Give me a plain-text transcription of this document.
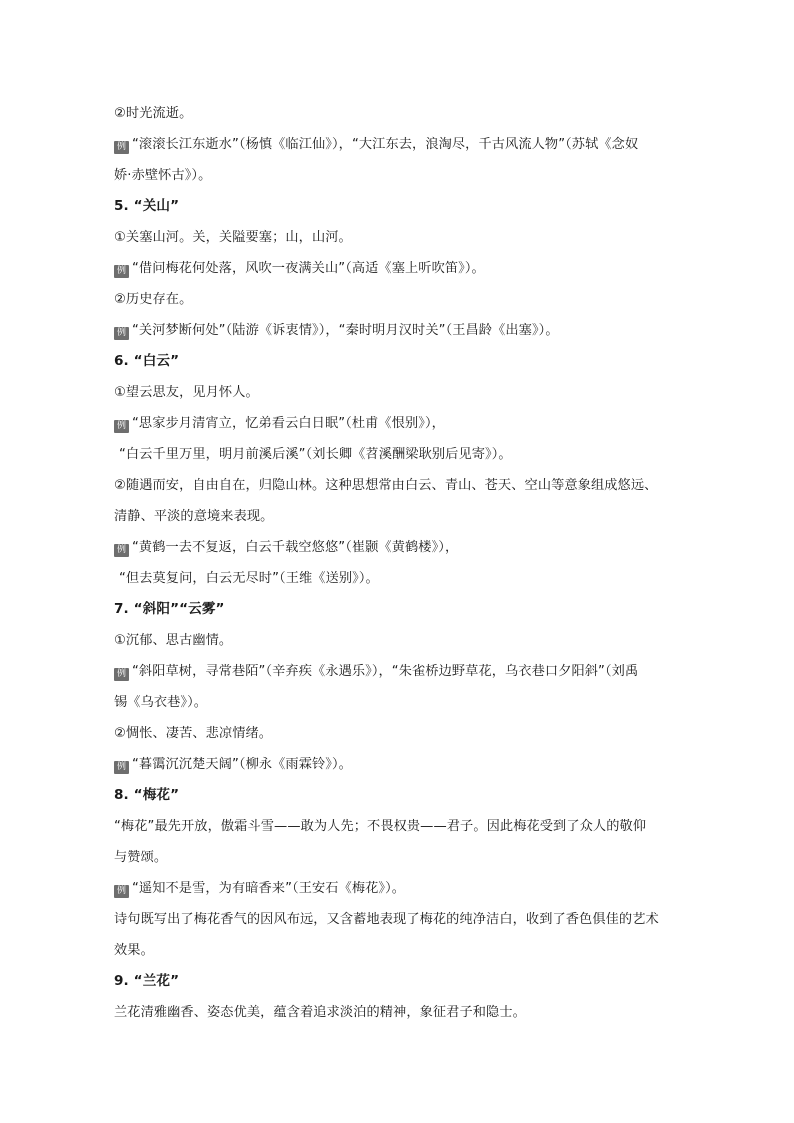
②时光流逝。
例 “滚滚长江东逝水”（杨慎《临江仙》），“大江东去，浪淘尽，千古风流人物”（苏轼《念奴
娇·赤壁怀古》）。
5. “关山”
①关塞山河。关，关隘要塞；山，山河。
例 “借问梅花何处落，风吹一夜满关山”（高适《塞上听吹笛》）。
②历史存在。
例 “关河梦断何处”（陆游《诉衷情》），“秦时明月汉时关”（王昌龄《出塞》）。
6. “白云”
①望云思友，见月怀人。
例 “思家步月清宵立，忆弟看云白日眠”（杜甫《恨别》），
“白云千里万里，明月前溪后溪”（刘长卿《苕溪酬梁耿别后见寄》）。
②随遇而安，自由自在，归隐山林。这种思想常由白云、青山、苍天、空山等意象组成悠远、
清静、平淡的意境来表现。
例 “黄鹤一去不复返，白云千载空悠悠”（崔颢《黄鹤楼》），
“但去莫复问，白云无尽时”（王维《送别》）。
7. “斜阳”“云雾”
①沉郁、思古幽情。
例 “斜阳草树，寻常巷陌”（辛弃疾《永遇乐》），“朱雀桥边野草花，乌衣巷口夕阳斜”（刘禹
锡《乌衣巷》）。
②惆怅、凄苦、悲凉情绪。
例 “暮霭沉沉楚天阔”（柳永《雨霖铃》）。
8. “梅花”
“梅花”最先开放，傲霜斗雪——敢为人先；不畏权贵——君子。因此梅花受到了众人的敬仰
与赞颂。
例 “遥知不是雪，为有暗香来”（王安石《梅花》）。
诗句既写出了梅花香气的因风布远，又含蓄地表现了梅花的纯净洁白，收到了香色俱佳的艺术
效果。
9. “兰花”
兰花清雅幽香、姿态优美，蕴含着追求淡泊的精神，象征君子和隐士。
